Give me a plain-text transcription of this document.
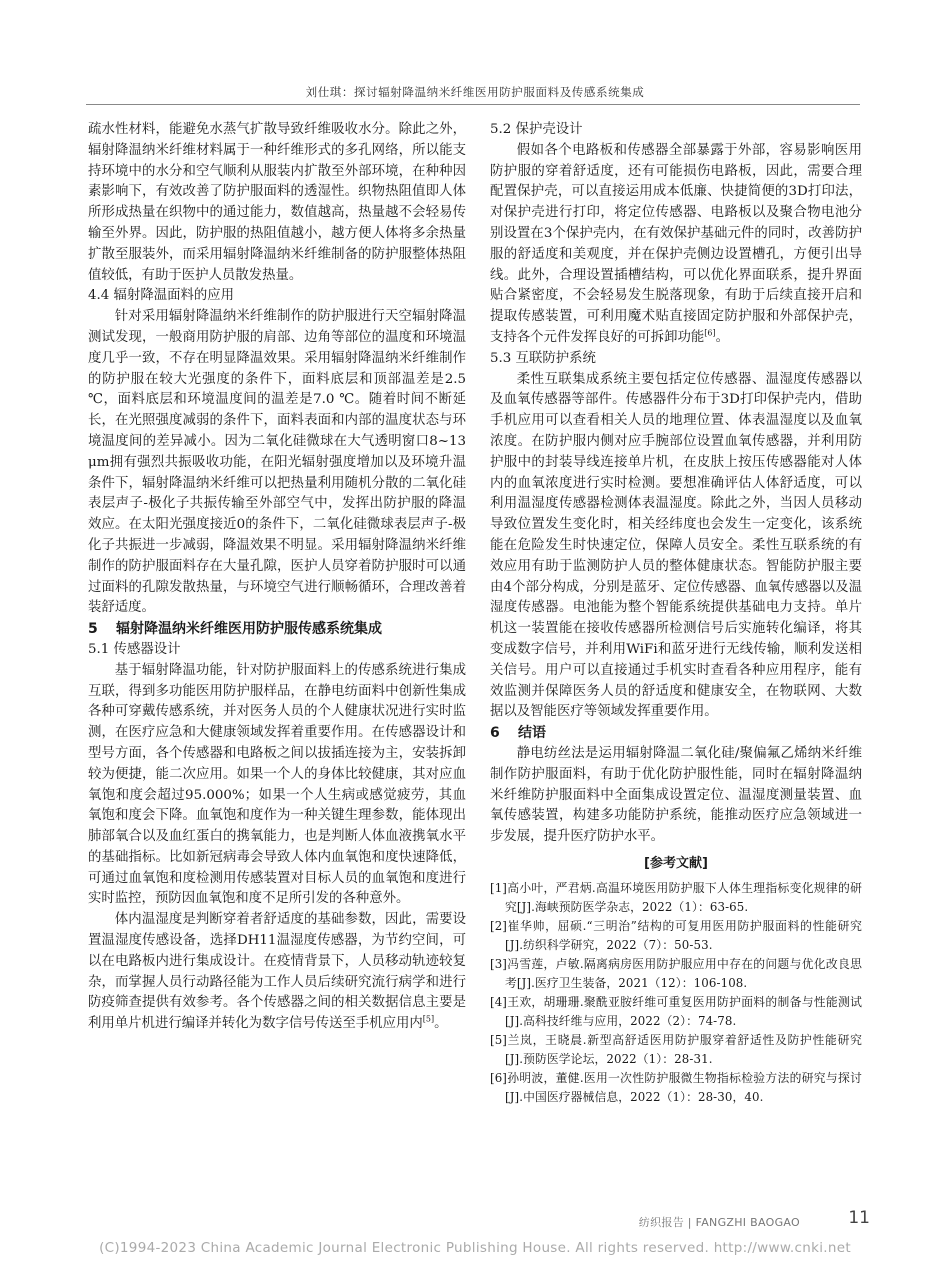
刘仕琪：探讨辐射降温纳米纤维医用防护服面料及传感系统集成

疏水性材料，能避免水蒸气扩散导致纤维吸收水分。除此之外，辐射降温纳米纤维材料属于一种纤维形式的多孔网络，所以能支持环境中的水分和空气顺利从服装内扩散至外部环境，在种种因素影响下，有效改善了防护服面料的透湿性。织物热阻值即人体所形成热量在织物中的通过能力，数值越高，热量越不会轻易传输至外界。因此，防护服的热阻值越小，越方便人体将多余热量扩散至服装外，而采用辐射降温纳米纤维制备的防护服整体热阻值较低，有助于医护人员散发热量。

4.4 辐射降温面料的应用

针对采用辐射降温纳米纤维制作的防护服进行天空辐射降温测试发现，一般商用防护服的肩部、边角等部位的温度和环境温度几乎一致，不存在明显降温效果。采用辐射降温纳米纤维制作的防护服在较大光强度的条件下，面料底层和顶部温差是2.5 ℃，面料底层和环境温度间的温差是7.0 ℃。随着时间不断延长，在光照强度减弱的条件下，面料表面和内部的温度状态与环境温度间的差异减小。因为二氧化硅微球在大气透明窗口8~13 μm拥有强烈共振吸收功能，在阳光辐射强度增加以及环境升温条件下，辐射降温纳米纤维可以把热量利用随机分散的二氧化硅表层声子-极化子共振传输至外部空气中，发挥出防护服的降温效应。在太阳光强度接近0的条件下，二氧化硅微球表层声子-极化子共振进一步减弱，降温效果不明显。采用辐射降温纳米纤维制作的防护服面料存在大量孔隙，医护人员穿着防护服时可以通过面料的孔隙发散热量，与环境空气进行顺畅循环，合理改善着装舒适度。

5 辐射降温纳米纤维医用防护服传感系统集成

5.1 传感器设计

基于辐射降温功能，针对防护服面料上的传感系统进行集成互联，得到多功能医用防护服样品，在静电纺面料中创新性集成各种可穿戴传感系统，并对医务人员的个人健康状况进行实时监测，在医疗应急和大健康领域发挥着重要作用。在传感器设计和型号方面，各个传感器和电路板之间以拔插连接为主，安装拆卸较为便捷，能二次应用。如果一个人的身体比较健康，其对应血氧饱和度会超过95.000%；如果一个人生病或感觉疲劳，其血氧饱和度会下降。血氧饱和度作为一种关键生理参数，能体现出肺部氧合以及血红蛋白的携氧能力，也是判断人体血液携氧水平的基础指标。比如新冠病毒会导致人体内血氧饱和度快速降低，可通过血氧饱和度检测用传感装置对目标人员的血氧饱和度进行实时监控，预防因血氧饱和度不足所引发的各种意外。

体内温湿度是判断穿着者舒适度的基础参数，因此，需要设置温湿度传感设备，选择DH11温湿度传感器，为节约空间，可以在电路板内进行集成设计。在疫情背景下，人员移动轨迹较复杂，而掌握人员行动路径能为工作人员后续研究流行病学和进行防疫筛查提供有效参考。各个传感器之间的相关数据信息主要是利用单片机进行编译并转化为数字信号传送至手机应用内[5]。

5.2 保护壳设计

假如各个电路板和传感器全部暴露于外部，容易影响医用防护服的穿着舒适度，还有可能损伤电路板，因此，需要合理配置保护壳，可以直接运用成本低廉、快捷简便的3D打印法，对保护壳进行打印，将定位传感器、电路板以及聚合物电池分别设置在3个保护壳内，在有效保护基础元件的同时，改善防护服的舒适度和美观度，并在保护壳侧边设置槽孔，方便引出导线。此外，合理设置插槽结构，可以优化界面联系，提升界面贴合紧密度，不会轻易发生脱落现象，有助于后续直接开启和提取传感装置，可利用魔术贴直接固定防护服和外部保护壳，支持各个元件发挥良好的可拆卸功能[6]。

5.3 互联防护系统

柔性互联集成系统主要包括定位传感器、温湿度传感器以及血氧传感器等部件。传感器件分布于3D打印保护壳内，借助手机应用可以查看相关人员的地理位置、体表温湿度以及血氧浓度。在防护服内侧对应手腕部位设置血氧传感器，并利用防护服中的封装导线连接单片机，在皮肤上按压传感器能对人体内的血氧浓度进行实时检测。要想准确评估人体舒适度，可以利用温湿度传感器检测体表温湿度。除此之外，当因人员移动导致位置发生变化时，相关经纬度也会发生一定变化，该系统能在危险发生时快速定位，保障人员安全。柔性互联系统的有效应用有助于监测防护人员的整体健康状态。智能防护服主要由4个部分构成，分别是蓝牙、定位传感器、血氧传感器以及温湿度传感器。电池能为整个智能系统提供基础电力支持。单片机这一装置能在接收传感器所检测信号后实施转化编译，将其变成数字信号，并利用WiFi和蓝牙进行无线传输，顺利发送相关信号。用户可以直接通过手机实时查看各种应用程序，能有效监测并保障医务人员的舒适度和健康安全，在物联网、大数据以及智能医疗等领域发挥重要作用。

6 结语

静电纺丝法是运用辐射降温二氧化硅/聚偏氟乙烯纳米纤维制作防护服面料，有助于优化防护服性能，同时在辐射降温纳米纤维防护服面料中全面集成设置定位、温湿度测量装置、血氧传感装置，构建多功能防护系统，能推动医疗应急领域进一步发展，提升医疗防护水平。

[参考文献]

[1]高小叶，严君炳.高温环境医用防护服下人体生理指标变化规律的研究[J].海峡预防医学杂志，2022（1）：63-65.

[2]崔华帅，屈硕.“三明治”结构的可复用医用防护服面料的性能研究[J].纺织科学研究，2022（7）：50-53.

[3]冯雪莲，卢敏.隔离病房医用防护服应用中存在的问题与优化改良思考[J].医疗卫生装备，2021（12）：106-108.

[4]王欢，胡珊珊.聚酰亚胺纤维可重复医用防护面料的制备与性能测试[J].高科技纤维与应用，2022（2）：74-78.

[5]兰岚，王晓晨.新型高舒适医用防护服穿着舒适性及防护性能研究[J].预防医学论坛，2022（1）：28-31.

[6]孙明波，董健.医用一次性防护服微生物指标检验方法的研究与探讨[J].中国医疗器械信息，2022（1）：28-30，40.

纺织报告 | FANGZHI BAOGAO	11
(C)1994-2023 China Academic Journal Electronic Publishing House. All rights reserved. http://www.cnki.net
